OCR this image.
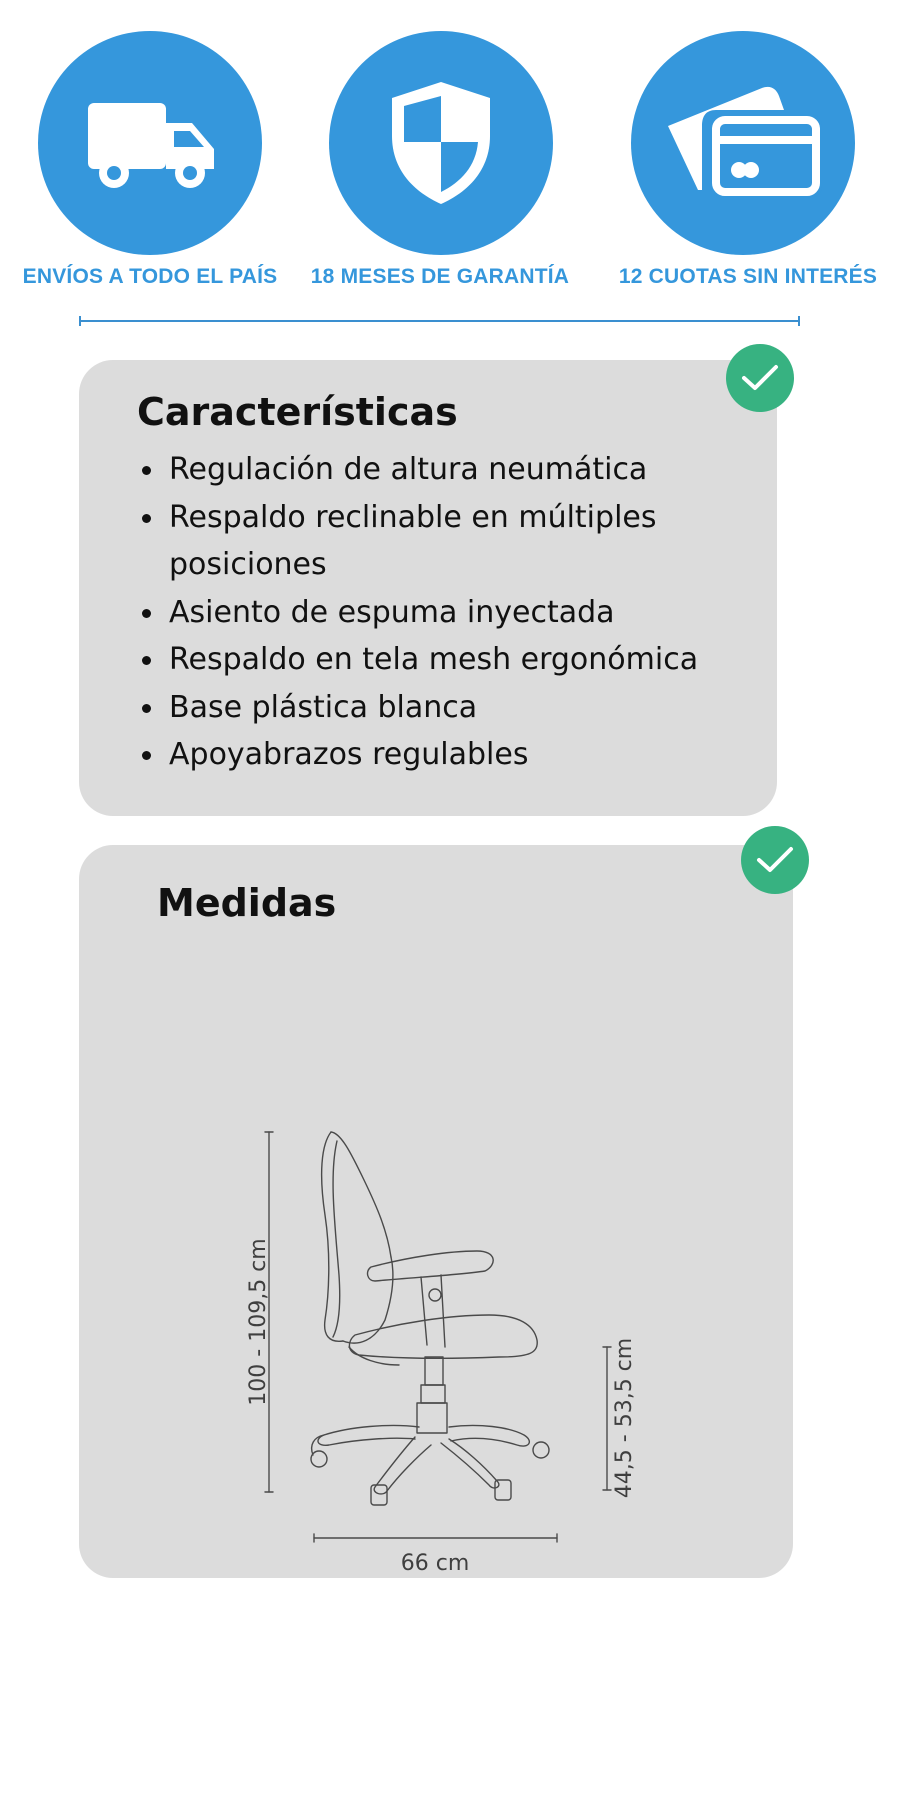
ENVÍOS A TODO EL PAÍS	18 MESES DE GARANTÍA	12 CUOTAS SIN INTERÉS
Características
Regulación de altura neumática
Respaldo reclinable en múltiples posiciones
Asiento de espuma inyectada
Respaldo en tela mesh ergonómica
Base plástica blanca
Apoyabrazos regulables
Medidas
100 - 109,5 cm
44,5 - 53,5 cm
66 cm
